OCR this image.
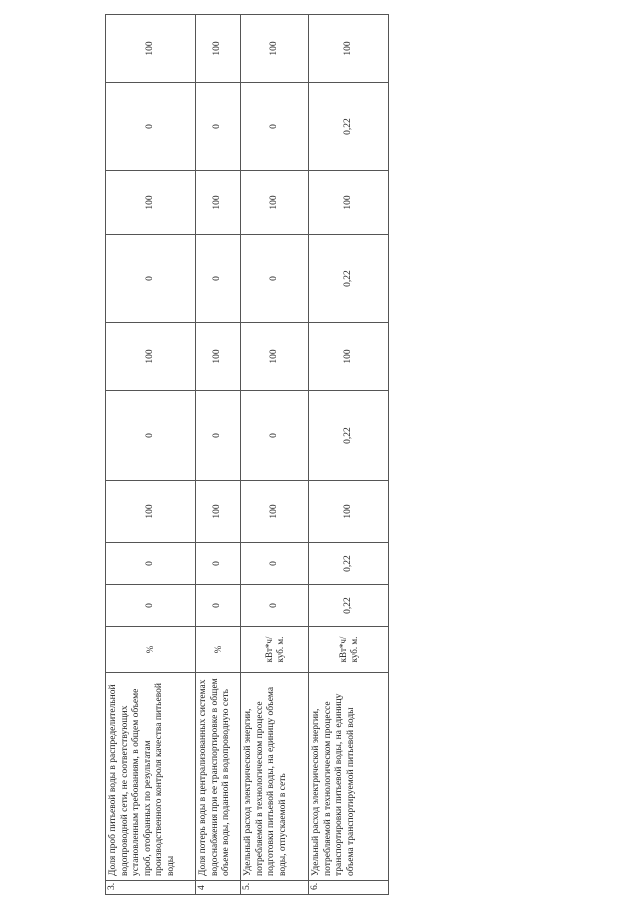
3.	Доля проб питьевой воды в распределительной водопроводной сети, не соответствующих установленным требованиям, в общем объеме проб, отобранных по результатам производственного контроля качества питьевой воды	%	0	0	100	0	100	0	100	0	100
4	Доля потерь воды в централизованных системах водоснабжения при ее транспортировке в общем объеме воды, поданной в водопроводную сеть	%	0	0	100	0	100	0	100	0	100
5.	Удельный расход электрической энергии, потребляемой в технологическом процессе подготовки питьевой воды, на единицу объема воды, отпускаемой в сеть	кВт*ч/ куб. м.	0	0	100	0	100	0	100	0	100
6.	Удельный расход электрической энергии, потребляемой в технологическом процессе транспортировки питьевой воды, на единицу объема транспортируемой питьевой воды	кВт*ч/ куб. м.	0,22	0,22	100	0,22	100	0,22	100	0,22	100
